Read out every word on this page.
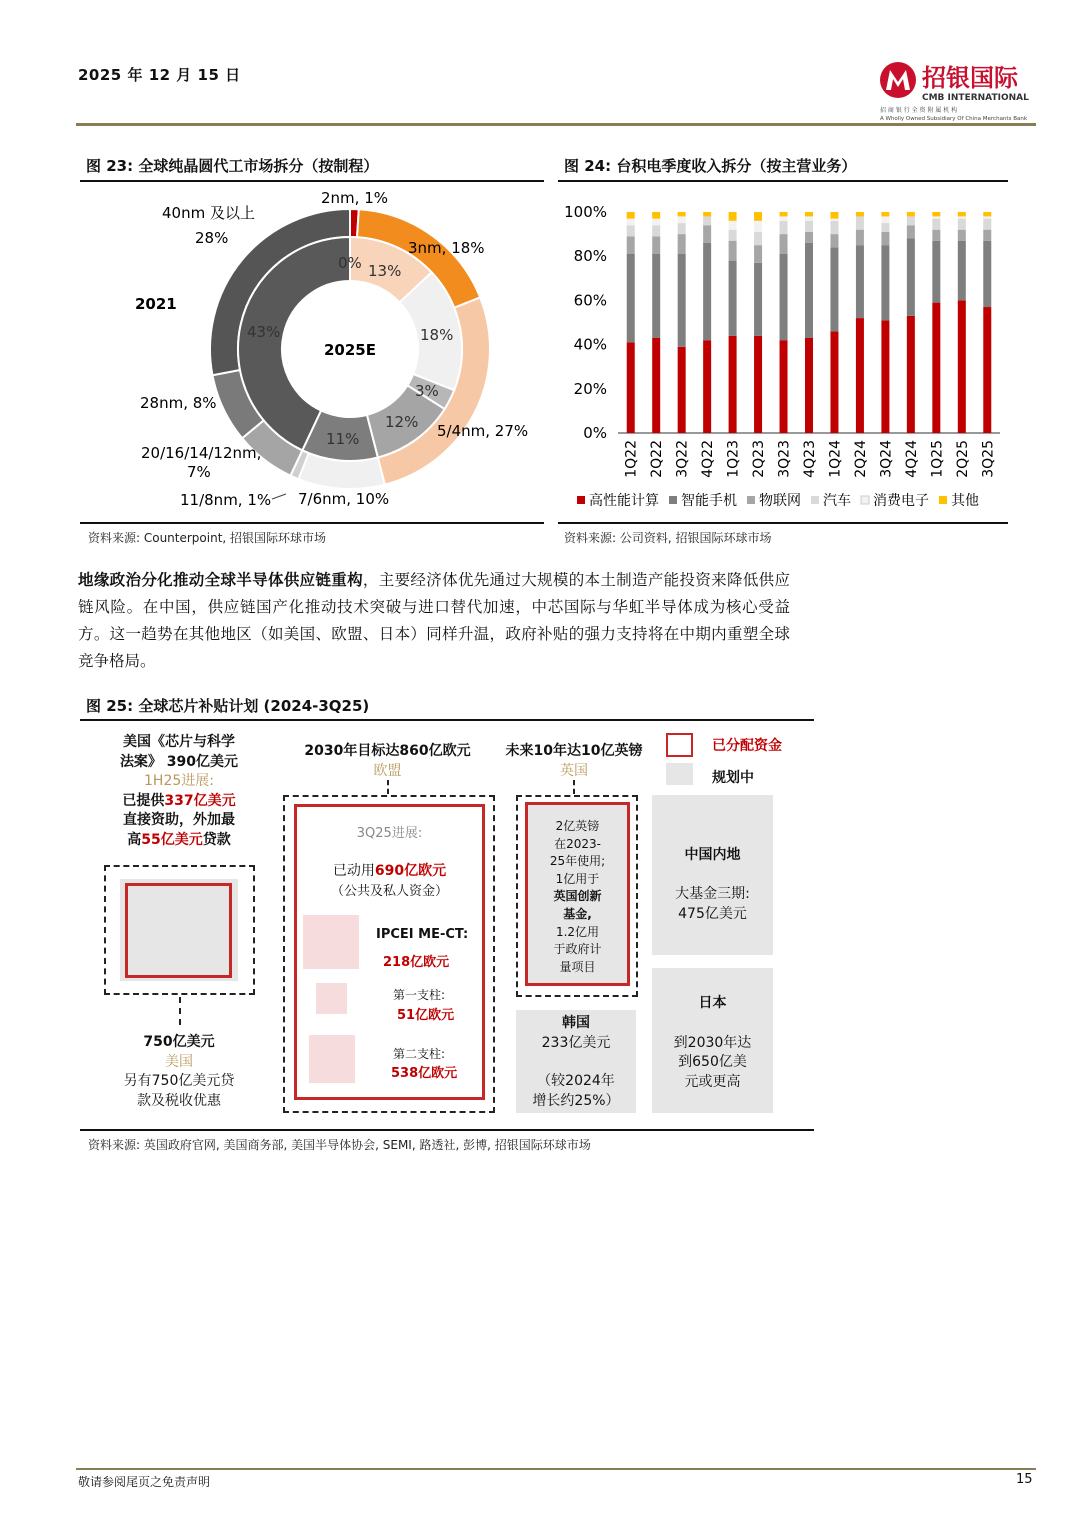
2025 年 12 月 15 日	招银国际
CMB INTERNATIONAL
招 商 银 行 全 资 附 属 机 构
A Wholly Owned Subsidiary Of China Merchants Bank
图 23: 全球纯晶圆代工市场拆分（按制程）
2025E
2021
2nm, 1%
3nm, 18%
5/4nm, 27%
7/6nm, 10%
11/8nm, 1%
20/16/14/12nm,
7%
28nm, 8%
40nm 及以上
28%
0% 13%
18%
3%
12%
11%
43%
资料来源: Counterpoint, 招银国际环球市场
图 24: 台积电季度收入拆分（按主营业务）
0%
20%
40%
60%
80%
100%
1Q22 2Q22 3Q22 4Q22 1Q23 2Q23 3Q23 4Q23 1Q24 2Q24 3Q24 4Q24 1Q25 2Q25 3Q25
高性能计算 智能手机 物联网 汽车 消费电子 其他
资料来源: 公司资料, 招银国际环球市场
地缘政治分化推动全球半导体供应链重构，主要经济体优先通过大规模的本土制造产能投资来降低供应链风险。在中国，供应链国产化推动技术突破与进口替代加速，中芯国际与华虹半导体成为核心受益方。这一趋势在其他地区（如美国、欧盟、日本）同样升温，政府补贴的强力支持将在中期内重塑全球竞争格局。
图 25: 全球芯片补贴计划 (2024-3Q25)
美国《芯片与科学
法案》 390亿美元
1H25进展:
已提供337亿美元
直接资助，外加最
高55亿美元贷款
750亿美元
美国
另有750亿美元贷
款及税收优惠
2030年目标达860亿欧元
欧盟
3Q25进展:
已动用690亿欧元
（公共及私人资金）
IPCEI ME-CT:
218亿欧元
第一支柱:
51亿欧元
第二支柱:
538亿欧元
未来10年达10亿英镑
英国
2亿英镑
在2023-
25年使用;
1亿用于
英国创新
基金,
1.2亿用
于政府计
量项目
韩国
233亿美元
（较2024年
增长约25%）
已分配资金
规划中
中国内地
大基金三期:
475亿美元
日本
到2030年达
到650亿美
元或更高
资料来源: 英国政府官网, 美国商务部, 美国半导体协会, SEMI, 路透社, 彭博, 招银国际环球市场
敬请参阅尾页之免责声明	15
